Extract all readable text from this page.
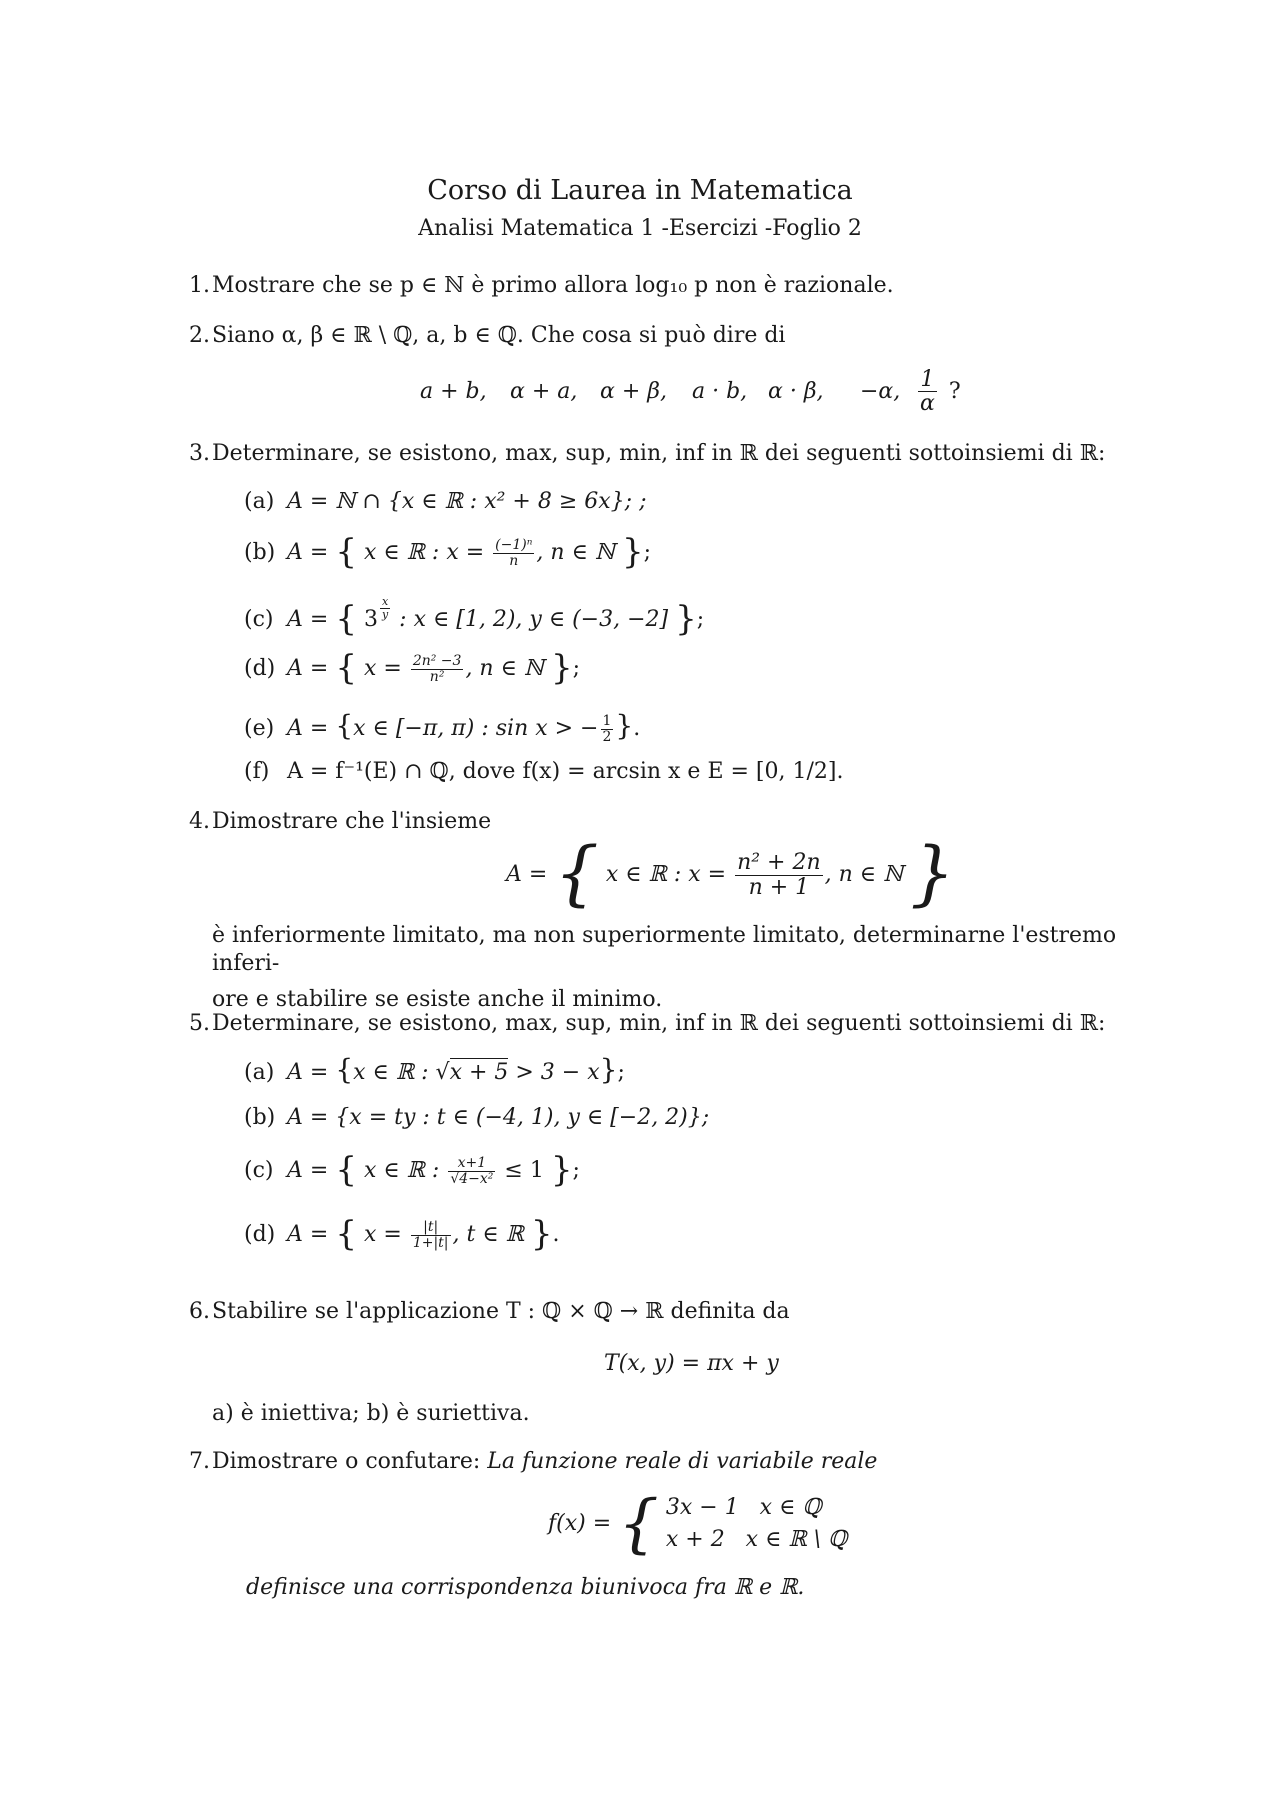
Corso di Laurea in Matematica
Analisi Matematica 1 -Esercizi -Foglio 2
1. Mostrare che se p ∈ ℕ è primo allora log₁₀ p non è razionale.
2. Siano α, β ∈ ℝ \ ℚ, a, b ∈ ℚ. Che cosa si può dire di
a + b,	α + a,	α + β,	a · b, α · β,	−α, $\frac{1}{\alpha}$ ?
3. Determinare, se esistono, max, sup, min, inf in ℝ dei seguenti sottoinsiemi di ℝ:
(a) A = ℕ ∩ {x ∈ ℝ : x² + 8 ≥ 6x}; ;
(b) A = { x ∈ ℝ : $x = \frac{\text{(−1)ⁿ}}{n}$ , n ∈ ℕ };
(c) A = { $3 \frac{x}{y}$ : x ∈ [1, 2), y ∈ (−3, −2] };
(d) A = { $x = \frac{\text{2n² −3}}{\text{n²}}$ , n ∈ ℕ };
(e) A = {x ∈ [−π, π) : sin x > − $\frac{1}{2}$ }.
(f) A = f⁻¹(E) ∩ ℚ, dove f(x) = arcsin x e E = [0, 1/2].
4. Dimostrare che l'insieme
A = { x ∈ ℝ : $x = \frac{\text{n² + 2n}}{n + 1}$ , n ∈ ℕ }
è inferiormente limitato, ma non superiormente limitato, determinarne l'estremo inferi-
ore e stabilire se esiste anche il minimo.
5. Determinare, se esistono, max, sup, min, inf in ℝ dei seguenti sottoinsiemi di ℝ:
(a) A = {x ∈ ℝ : √x + 5 > 3 − x};
(b) A = {x = ty : t ∈ (−4, 1), y ∈ [−2, 2)};
(c) A = { x ∈ ℝ : $\frac{x+1}{\text{√4−x²}} \le 1$ };
(d) A = { $x = \frac{|t|}{1+|t|}$ , t ∈ ℝ }.
6. Stabilire se l'applicazione T : ℚ × ℚ → ℝ definita da
T(x, y) = πx + y
a) è iniettiva; b) è suriettiva.
7. Dimostrare o confutare: La funzione reale di variabile reale
f(x) = { 3x − 1   x ∈ ℚ
x + 2   x ∈ ℝ \ ℚ
definisce una corrispondenza biunivoca fra ℝ e ℝ.
